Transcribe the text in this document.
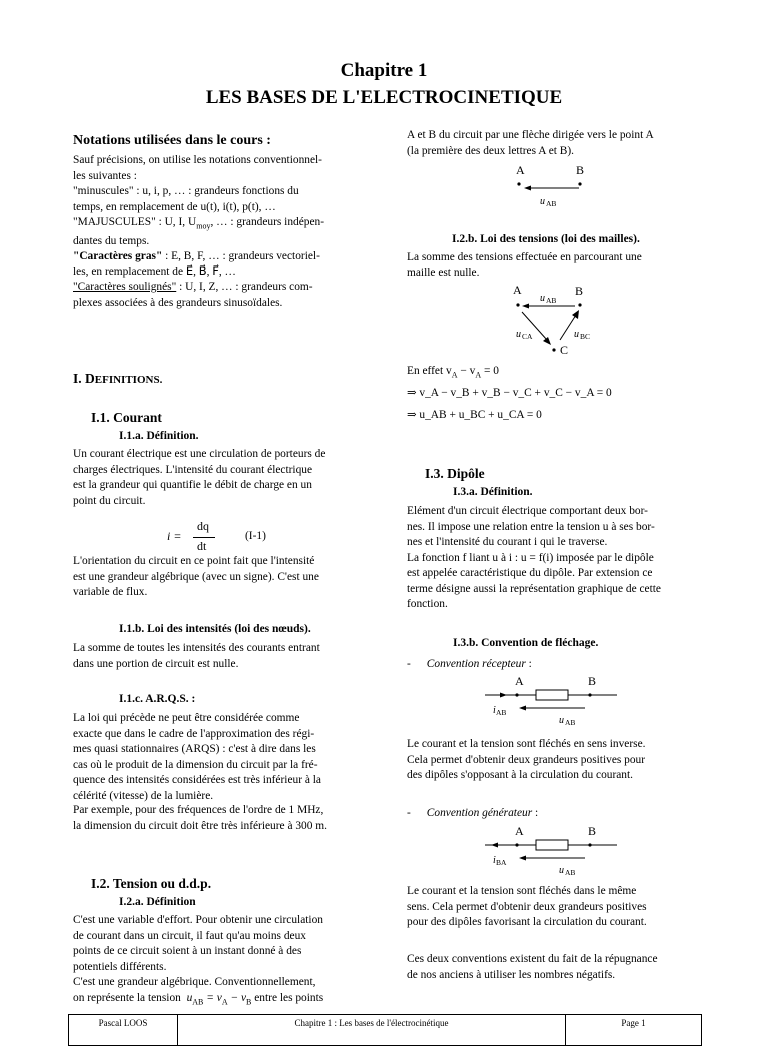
Chapitre 1
LES BASES DE L'ELECTROCINETIQUE
Notations utilisées dans le cours :
Sauf précisions, on utilise les notations conventionnel-
les suivantes :
"minuscules" : u, i, p, … : grandeurs fonctions du
temps, en remplacement de u(t), i(t), p(t), …
"MAJUSCULES" : U, I, $U_{moy}$, … : grandeurs indépen-
dantes du temps.
"Caractères gras" : E, B, F, … : grandeurs vectoriel-
les, en remplacement de E⃗, B⃗, F⃗, …
"Caractères soulignés" : U, I, Z, … : grandeurs com-
plexes associées à des grandeurs sinusoïdales.
I. DEFINITIONS.
I.1. Courant
I.1.a. Définition.
Un courant électrique est une circulation de porteurs de
charges électriques. L'intensité du courant électrique
est la grandeur qui quantifie le débit de charge en un
point du circuit.
i =
dq
dt
(I-1)
L'orientation du circuit en ce point fait que l'intensité
est une grandeur algébrique (avec un signe). C'est une
variable de flux.
I.1.b. Loi des intensités (loi des nœuds).
La somme de toutes les intensités des courants entrant
dans une portion de circuit est nulle.
I.1.c. A.R.Q.S. :
La loi qui précède ne peut être considérée comme
exacte que dans le cadre de l'approximation des régi-
mes quasi stationnaires (ARQS) : c'est à dire dans les
cas où le produit de la dimension du circuit par la fré-
quence des intensités considérées est très inférieur à la
célérité (vitesse) de la lumière.
Par exemple, pour des fréquences de l'ordre de 1 MHz,
la dimension du circuit doit être très inférieure à 300 m.
I.2. Tension ou d.d.p.
I.2.a. Définition
C'est une variable d'effort. Pour obtenir une circulation
de courant dans un circuit, il faut qu'au moins deux
points de ce circuit soient à un instant donné à des
potentiels différents.
C'est une grandeur algébrique. Conventionnellement,
on représente la tension $u_{AB} = v_A - v_B$ entre les points
A et B du circuit par une flèche dirigée vers le point A
(la première des deux lettres A et B).
A	B
u AB
I.2.b. Loi des tensions (loi des mailles).
La somme des tensions effectuée en parcourant une
maille est nulle.
A	B
C
u AB
u CA	u BC
En effet $v_A - v_A = 0$
⇒ v_A − v_B + v_B − v_C + v_C − v_A = 0
⇒ u_AB + u_BC + u_CA = 0
I.3. Dipôle
I.3.a. Définition.
Elément d'un circuit électrique comportant deux bor-
nes. Il impose une relation entre la tension u à ses bor-
nes et l'intensité du courant i qui le traverse.
La fonction f liant u à i : u = f(i) imposée par le dipôle
est appelée caractéristique du dipôle. Par extension ce
terme désigne aussi la représentation graphique de cette
fonction.
I.3.b. Convention de fléchage.
- Convention récepteur :
A	B
i AB
u AB
Le courant et la tension sont fléchés en sens inverse.
Cela permet d'obtenir deux grandeurs positives pour
des dipôles s'opposant à la circulation du courant.
- Convention générateur :
A	B
i BA
u AB
Le courant et la tension sont fléchés dans le même
sens. Cela permet d'obtenir deux grandeurs positives
pour des dipôles favorisant la circulation du courant.
Ces deux conventions existent du fait de la répugnance
de nos anciens à utiliser les nombres négatifs.
Pascal LOOS	Chapitre 1 : Les bases de l'électrocinétique	Page 1
